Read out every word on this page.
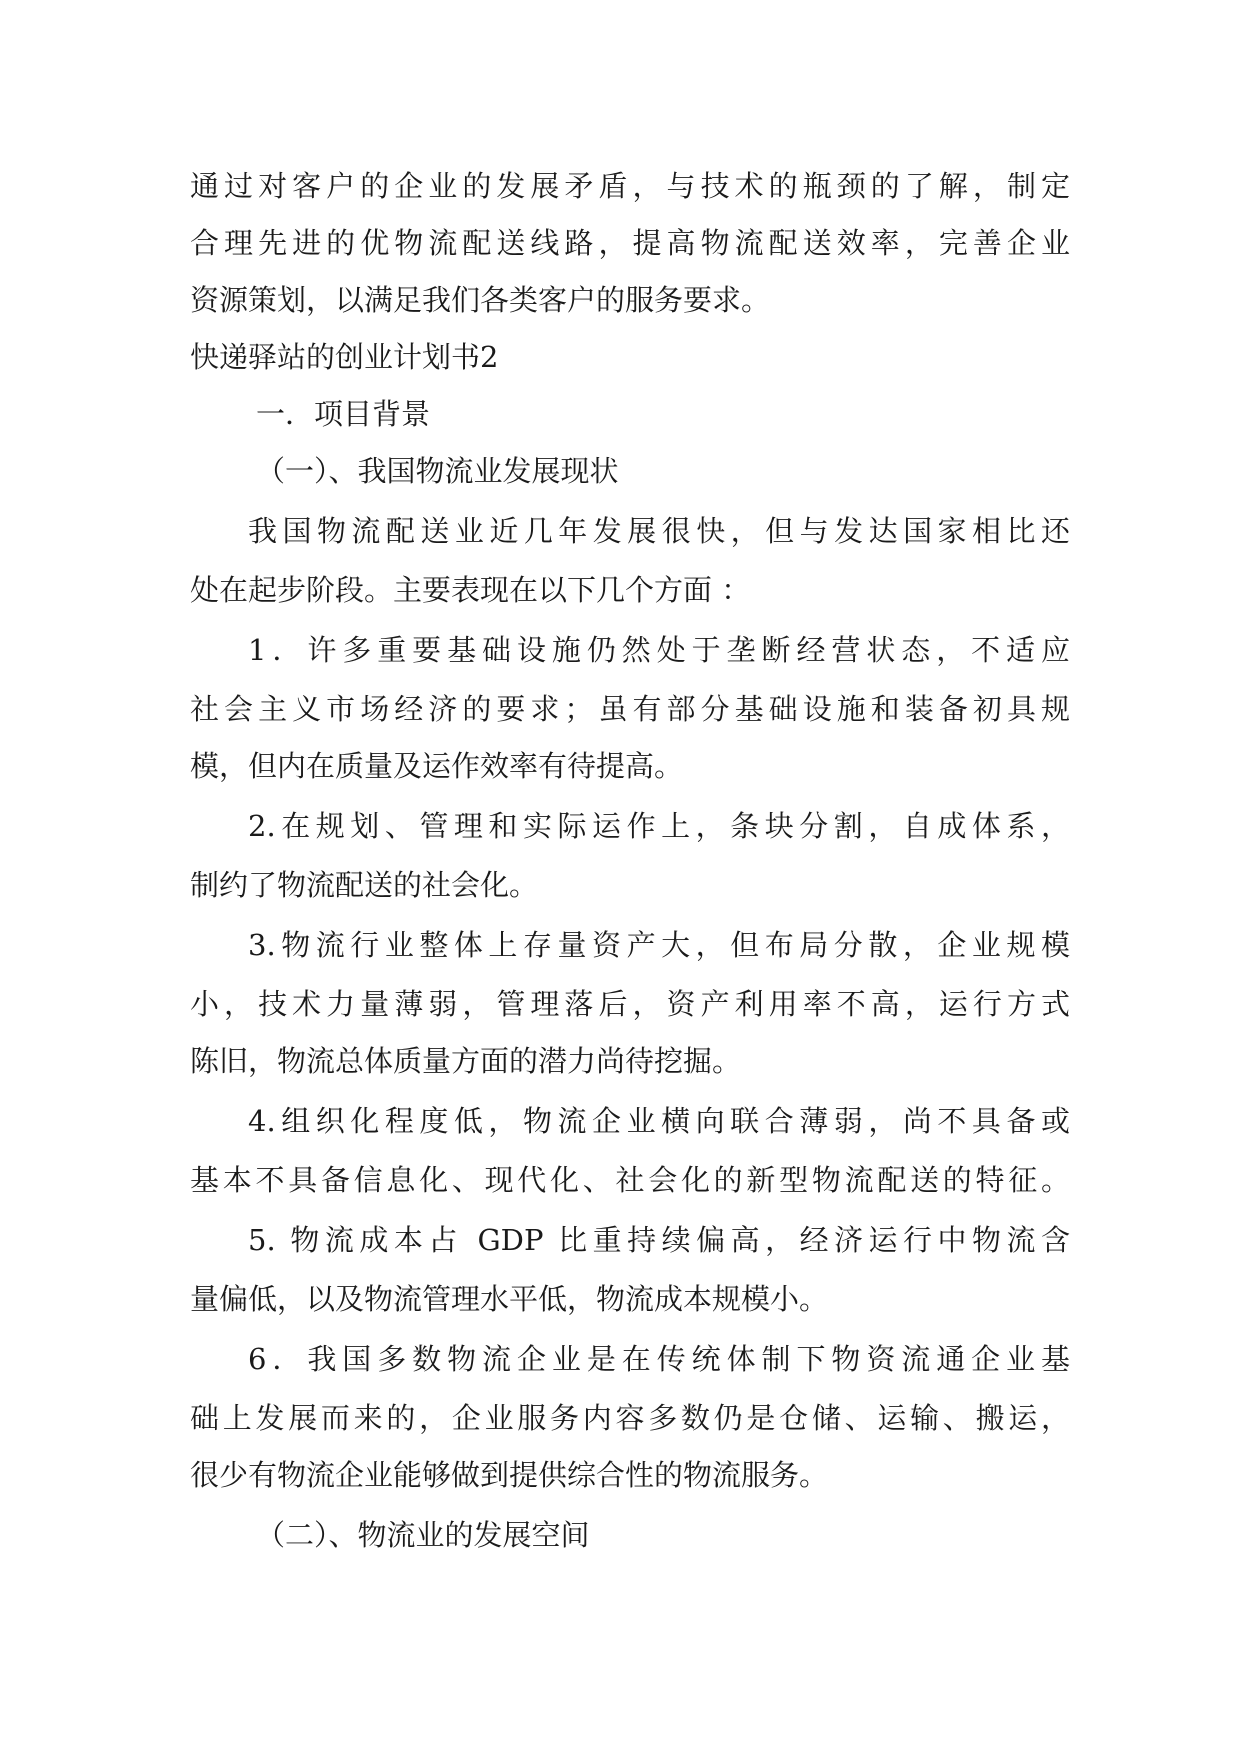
通过对客户的企业的发展矛盾，与技术的瓶颈的了解，制定
合理先进的优物流配送线路，提高物流配送效率，完善企业
资源策划，以满足我们各类客户的服务要求。
快递驿站的创业计划书2
一．项目背景
（一）、我国物流业发展现状
我国物流配送业近几年发展很快，但与发达国家相比还
处在起步阶段。主要表现在以下几个方面 ：
1．许多重要基础设施仍然处于垄断经营状态，不适应
社会主义市场经济的要求；虽有部分基础设施和装备初具规
模，但内在质量及运作效率有待提高。
2.在规划、管理和实际运作上，条块分割，自成体系，
制约了物流配送的社会化。
3.物流行业整体上存量资产大，但布局分散，企业规模
小，技术力量薄弱，管理落后，资产利用率不高，运行方式
陈旧，物流总体质量方面的潜力尚待挖掘。
4.组织化程度低，物流企业横向联合薄弱，尚不具备或
基本不具备信息化、现代化、社会化的新型物流配送的特征。
5. 物流成本占 GDP 比重持续偏高，经济运行中物流含
量偏低，以及物流管理水平低，物流成本规模小。
6．我国多数物流企业是在传统体制下物资流通企业基
础上发展而来的，企业服务内容多数仍是仓储、运输、搬运，
很少有物流企业能够做到提供综合性的物流服务。
（二）、物流业的发展空间
